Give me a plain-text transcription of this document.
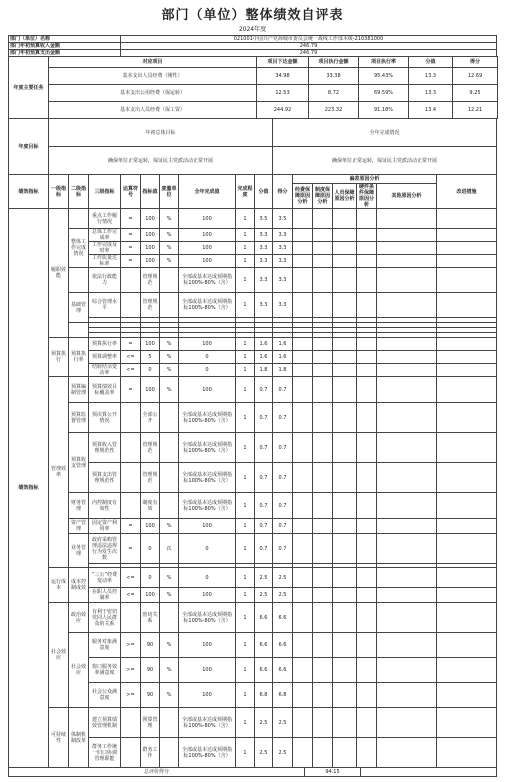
部门（单位）整体绩效自评表
2024年度
部门（单位）名称	021001中国共产党海城市委员会统一战线工作部本级-210381000
部门年初预算收入金额	246.79
部门年初预算支出金额	246.79
年度主要任务	对应项目	项目下达金额	项目执行金额	项目执行率	分值	得分
	基本支出人员经费（刚性）	34.98	33.38	95.43%	13.3	12.69
	基本支出公用经费（保运转）	12.53	8.72	69.59%	13.3	9.25
	基本支出人员经费（保工资）	244.92	223.32	91.18%	13.4	12.21
年度目标	年初总体目标	全年完成情况
	确保单位正常运转，保证民主党派活动正常开展	确保单位正常运转，保证民主党派活动正常开展
绩效指标	一级指标	二级指标	三级指标	运算符号	指标值	度量单位	全年完成值	完成程度	分值	得分	偏差原因分析					改进措施
											经费保障原因分析	制度保障原因分析	人员保障原因分析	硬件条件保障原因分析	其他原因分析	
绩效指标	履职效能		重点工作履行情况	=	100	%	100	1	3.5	3.5						
		整体工作完成情况	总体工作完成率	=	100	%	100	1	3.3	3.3						
			工作完成及时率	=	100	%	100	1	3.3	3.3						
			工作质量达标率	=	100	%	100	1	3.3	3.3						
			依法行政能力		管理规范		全部或基本达成预期指标100%-80%（含）	1	3.3	3.3						
		基础管理	综合管理水平		管理规范		全部或基本达成预期指标100%-80%（含）	1	3.3	3.3						

	预算执行	预算执行率	预算执行率	=	100	%	100	1	1.6	1.6						
			预算调整率	<=	5	%	0	1	1.6	1.6						
			结转结余变动率	<=	0	%	0	1	1.8	1.8						
	管理效率	预算编制管理	预算绩效目标覆盖率	=	100	%	100	1	0.7	0.7						
		预算监督管理	预决算公开情况		全部公开		全部或基本达成预期指标100%-80%（含）	1	0.7	0.7						
		预算收支管理	预算收入管理规范性		管理规范		全部或基本达成预期指标100%-80%（含）	1	0.7	0.7						
			预算支出管理规范性		管理规范		全部或基本达成预期指标100%-80%（含）	1	0.7	0.7						
		财务管理	内控制度有效性		制度有效		全部或基本达成预期指标100%-80%（含）	1	0.7	0.7						
		资产管理	固定资产利用率	=	100	%	100	1	0.7	0.7						
		业务管理	政府采购管理违法违规行为发生次数	=	0	次	0	1	0.7	0.7						

	运行成本	成本控制成效	“三公”经费变动率	<=	0	%	0	1	2.5	2.5						
			在职人员控制率	<=	100	%	100	1	2.5	2.5						
	社会效应	政治效应	有利于密切党同人民群众的关系		密切关系		全部或基本达成预期指标100%-80%（含）	1	6.6	6.6						
		社会效应	服务对象满意度	>=	90	%	100	1	6.6	6.6						
			窗口服务效率满意度	>=	90	%	100	1	6.6	6.6						
			社会公众满意度	>=	90	%	100	1	6.8	6.8						
	可持续性	体制机制改革	建立预算绩效管理机制		预算管理		全部或基本达成预期指标100%-80%（含）	1	2.5	2.5						
			群务工作统一归口协调管理职能		群务工作		全部或基本达成预期指标100%-80%（含）	1	2.5	2.5						
总评价得分	94.15	
